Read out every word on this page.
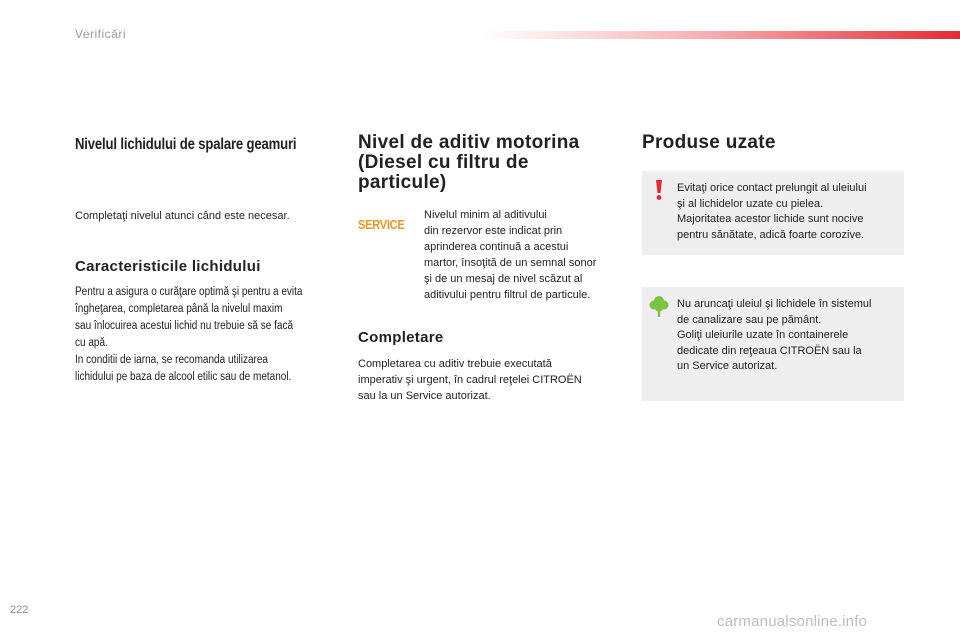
Verificări
Nivelul lichidului de spalare geamuri

Completaţi nivelul atunci când este necesar.

Caracteristicile lichidului
Pentru a asigura o curăţare optimă şi pentru a evita
îngheţarea, completarea până la nivelul maxim
sau înlocuirea acestui lichid nu trebuie să se facă
cu apă.
In conditii de iarna, se recomanda utilizarea
lichidului pe baza de alcool etilic sau de metanol.
Nivel de aditiv motorina
(Diesel cu filtru de
particule)
SERVICE
Nivelul minim al aditivului
din rezervor este indicat prin
aprinderea continuă a acestui
martor, însoţită de un semnal sonor
şi de un mesaj de nivel scăzut al
aditivului pentru filtrul de particule.
Completare
Completarea cu aditiv trebuie executată
imperativ şi urgent, în cadrul reţelei CITROËN
sau la un Service autorizat.
Produse uzate
Evitaţi orice contact prelungit al uleiului
şi al lichidelor uzate cu pielea.
Majoritatea acestor lichide sunt nocive
pentru sănătate, adică foarte corozive.
Nu aruncaţi uleiul şi lichidele în sistemul
de canalizare sau pe pământ.
Goliţi uleiurile uzate în containerele
dedicate din reţeaua CITROËN sau la
un Service autorizat.
222
carmanualsonline.info
